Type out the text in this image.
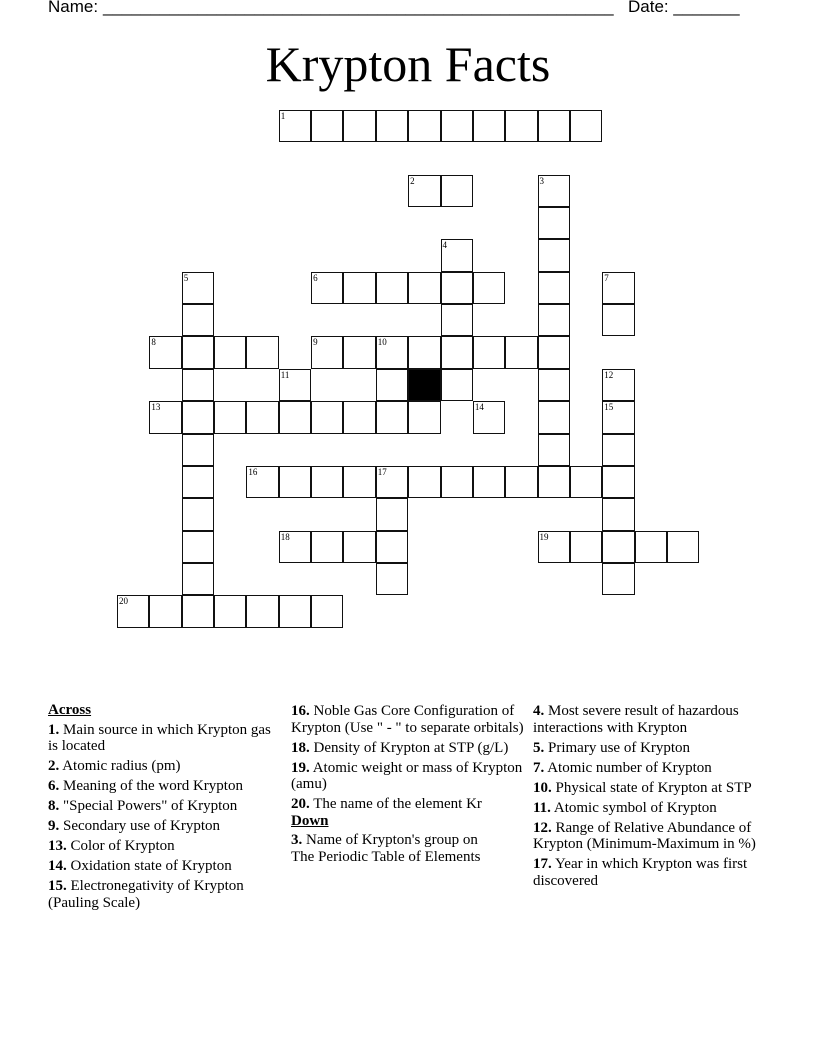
Name: ______________________________________________________ Date: _______
Krypton Facts
1
2	3
4
5	6	7
8	9	10
11	12
15
13	14
16	17
18	19
20
Across
1. Main source in which Krypton gas is located
2. Atomic radius (pm)
6. Meaning of the word Krypton
8. "Special Powers" of Krypton
9. Secondary use of Krypton
13. Color of Krypton
14. Oxidation state of Krypton
15. Electronegativity of Krypton (Pauling Scale)
16. Noble Gas Core Configuration of Krypton (Use " - " to separate orbitals)
18. Density of Krypton at STP (g/L)
19. Atomic weight or mass of Krypton (amu)
20. The name of the element Kr
Down
3. Name of Krypton's group on The Periodic Table of Elements
4. Most severe result of hazardous interactions with Krypton
5. Primary use of Krypton
7. Atomic number of Krypton
10. Physical state of Krypton at STP
11. Atomic symbol of Krypton
12. Range of Relative Abundance of Krypton (Minimum-Maximum in %)
17. Year in which Krypton was first discovered
